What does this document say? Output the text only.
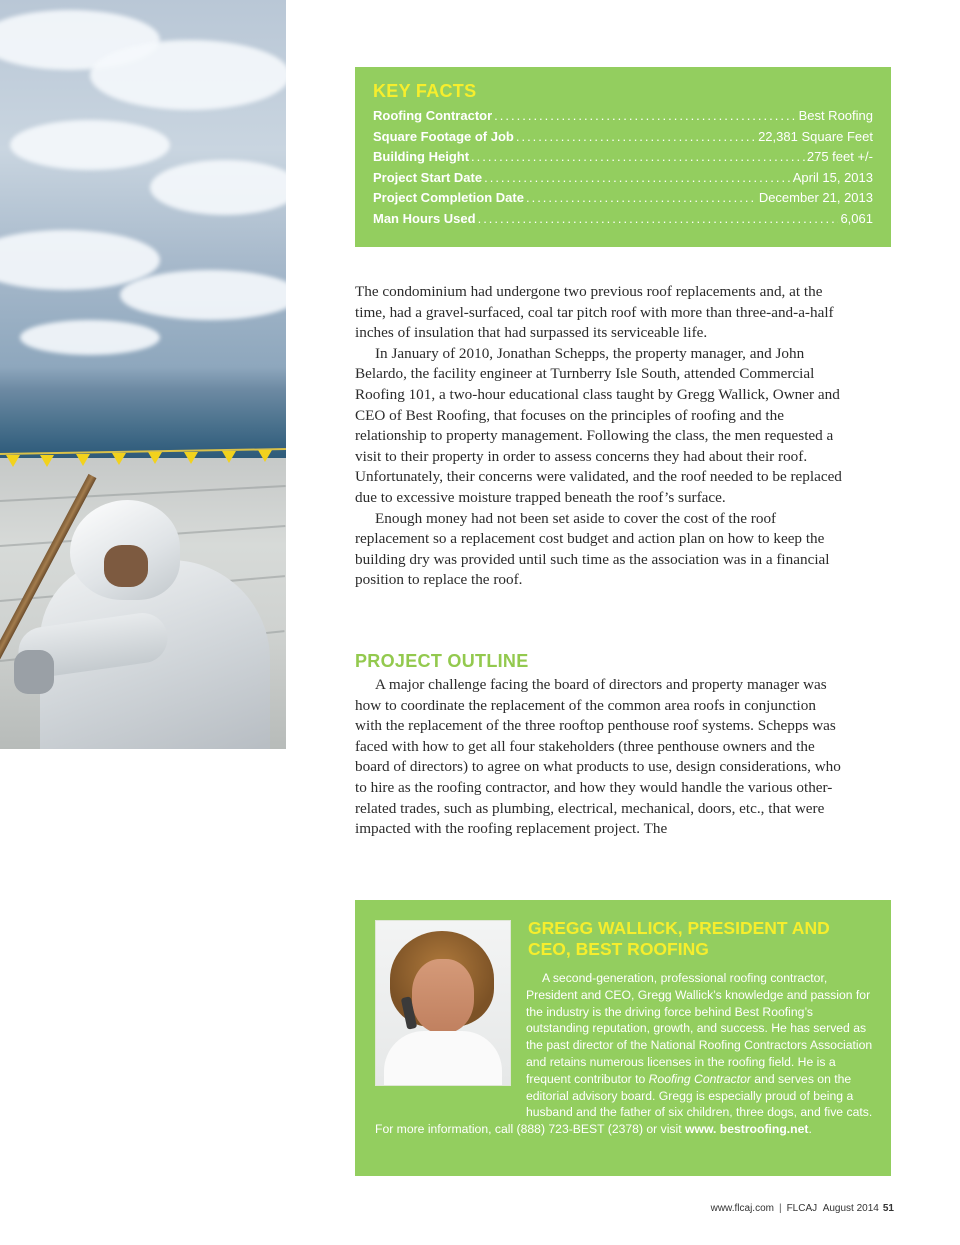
KEY FACTS
Roofing Contractor .....	Best Roofing
Square Footage of Job .....	22,381 Square Feet
Building Height .....	275 feet +/-
Project Start Date .....	April 15, 2013
Project Completion Date .....	December 21, 2013
Man Hours Used .....	6,061

The condominium had undergone two previous roof replacements and, at the time, had a gravel-surfaced, coal tar pitch roof with more than three-and-a-half inches of insulation that had surpassed its serviceable life.

In January of 2010, Jonathan Schepps, the property manager, and John Belardo, the facility engineer at Turnberry Isle South, attended Commercial Roofing 101, a two-hour educational class taught by Gregg Wallick, Owner and CEO of Best Roofing, that focuses on the principles of roofing and the relationship to property management. Following the class, the men requested a visit to their property in order to assess concerns they had about their roof. Unfortunately, their concerns were validated, and the roof needed to be replaced due to excessive moisture trapped beneath the roof’s surface.

Enough money had not been set aside to cover the cost of the roof replacement so a replacement cost budget and action plan on how to keep the building dry was provided until such time as the association was in a financial position to replace the roof.

PROJECT OUTLINE

A major challenge facing the board of directors and property manager was how to coordinate the replacement of the common area roofs in conjunction with the replacement of the three rooftop penthouse roof systems. Schepps was faced with how to get all four stakeholders (three penthouse owners and the board of directors) to agree on what products to use, design considerations, who to hire as the roofing contractor, and how they would handle the various other-related trades, such as plumbing, electrical, mechanical, doors, etc., that were impacted with the roofing replacement project. The

GREGG WALLICK, PRESIDENT AND CEO, BEST ROOFING

A second-generation, professional roofing contractor, President and CEO, Gregg Wallick’s knowledge and passion for the industry is the driving force behind Best Roofing’s outstanding reputation, growth, and success. He has served as the past director of the National Roofing Contractors Association and retains numerous licenses in the roofing field. He is a frequent contributor to Roofing Contractor and serves on the editorial advisory board. Gregg is especially proud of being a husband and the father of six children, three dogs, and five cats. For more information, call (888) 723-BEST (2378) or visit www. bestroofing.net.

www.flcaj.com | FLCAJ August 2014 51
